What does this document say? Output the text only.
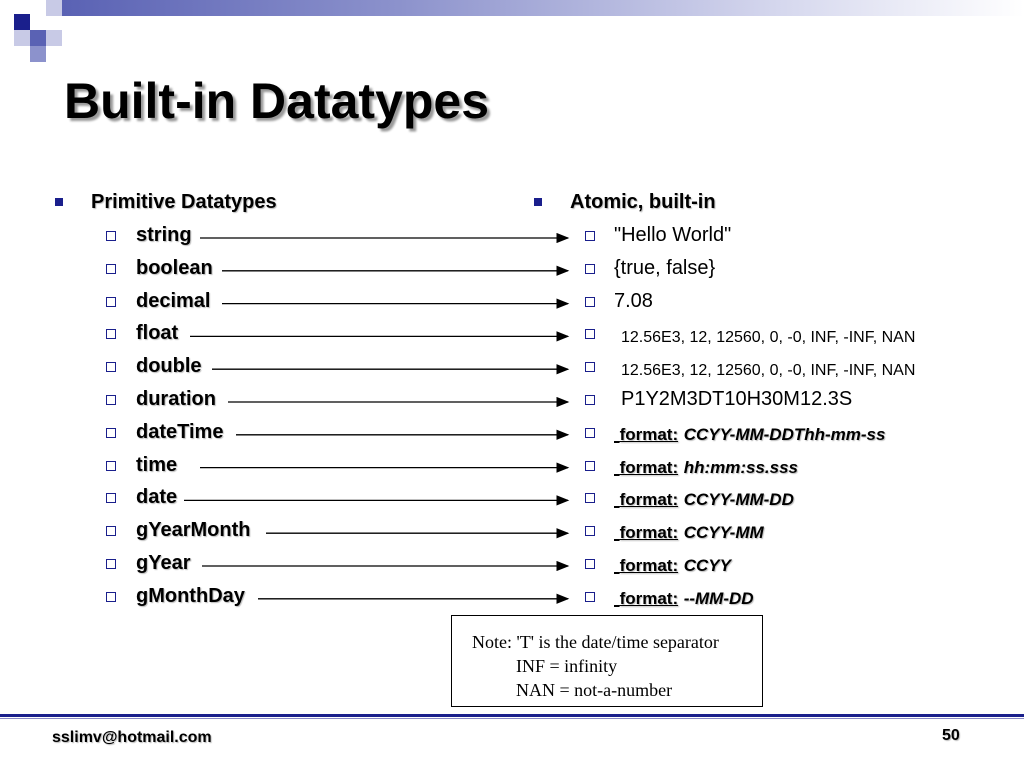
Built-in Datatypes
Primitive Datatypes
string
boolean
decimal
float
double
duration
dateTime
time
date
gYearMonth
gYear
gMonthDay
Atomic, built-in
"Hello World"
{true, false}
7.08
12.56E3, 12, 12560, 0, -0, INF, -INF, NAN
12.56E3, 12, 12560, 0, -0, INF, -INF, NAN
P1Y2M3DT10H30M12.3S
format: CCYY-MM-DDThh-mm-ss
format: hh:mm:ss.sss
format: CCYY-MM-DD
format: CCYY-MM
format: CCYY
format: --MM-DD
Note: 'T' is the date/time separator
INF = infinity
NAN = not-a-number
sslimv@hotmail.com	50
